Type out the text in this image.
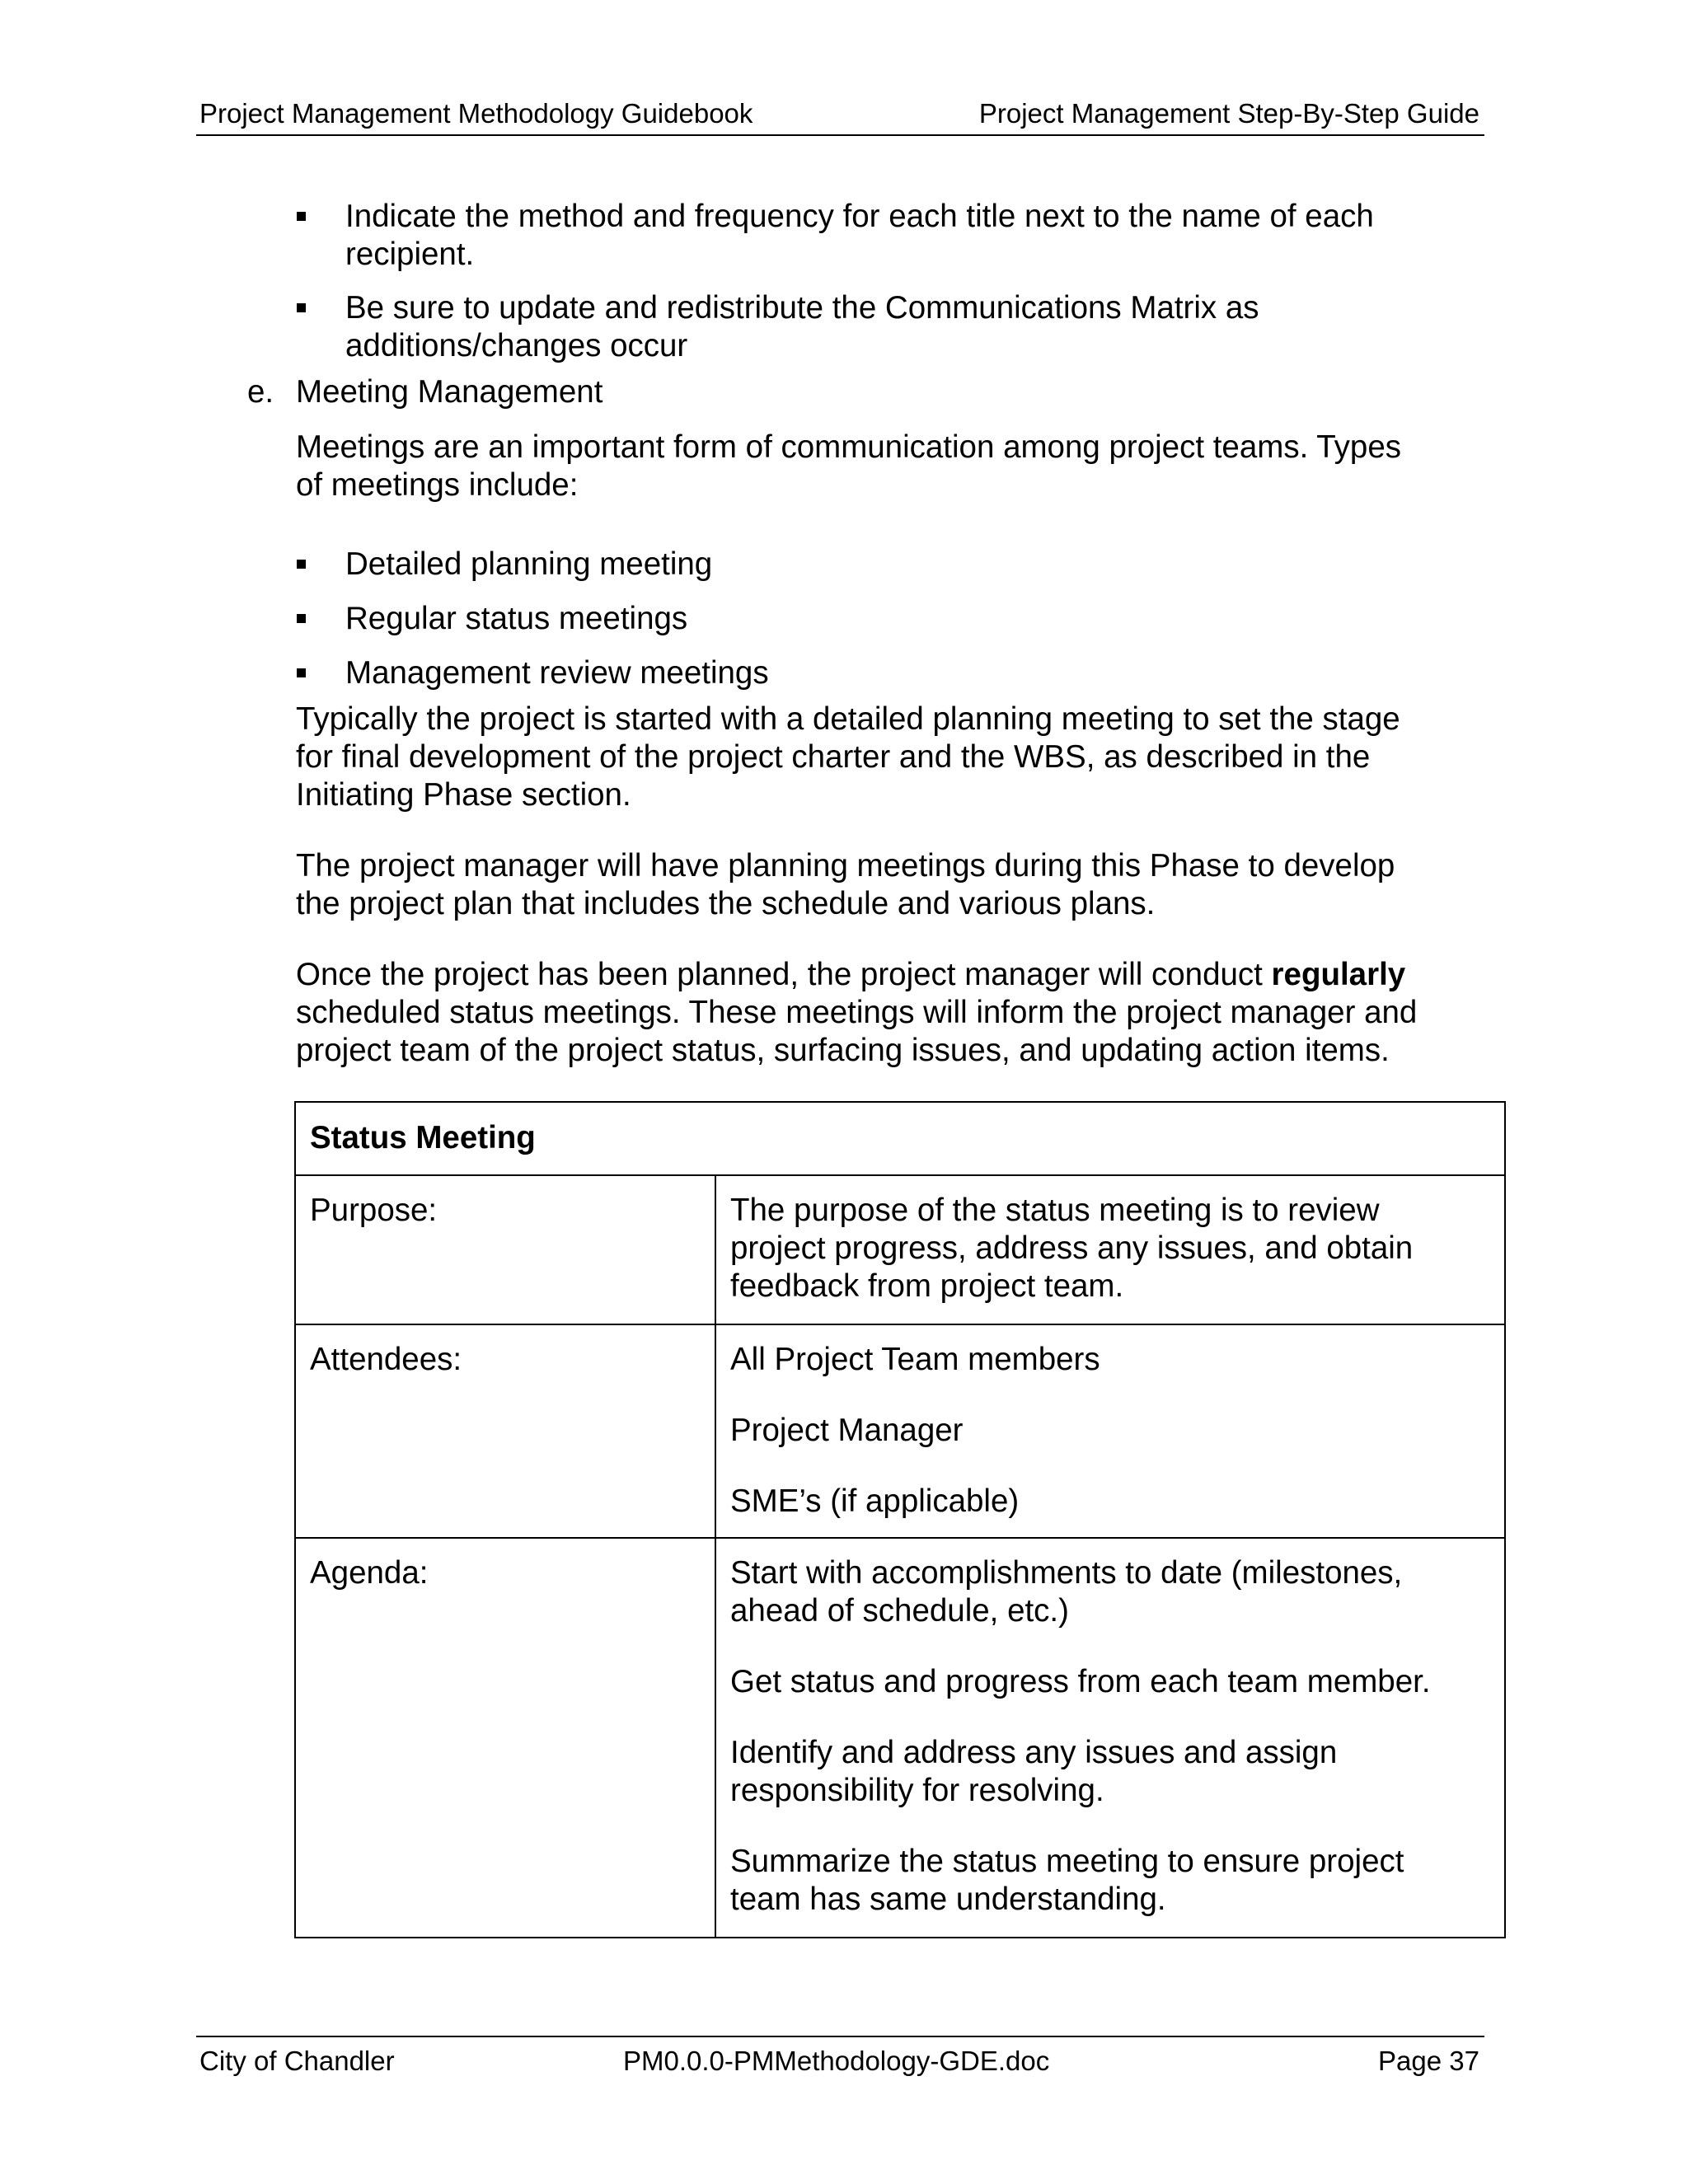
Project Management Methodology Guidebook	Project Management Step-By-Step Guide
Indicate the method and frequency for each title next to the name of each
recipient.
Be sure to update and redistribute the Communications Matrix as
additions/changes occur
e. Meeting Management
Meetings are an important form of communication among project teams. Types
of meetings include:
Detailed planning meeting
Regular status meetings
Management review meetings
Typically the project is started with a detailed planning meeting to set the stage
for final development of the project charter and the WBS, as described in the
Initiating Phase section.
The project manager will have planning meetings during this Phase to develop
the project plan that includes the schedule and various plans.
Once the project has been planned, the project manager will conduct regularly
scheduled status meetings. These meetings will inform the project manager and
project team of the project status, surfacing issues, and updating action items.
Status Meeting
Purpose:	The purpose of the status meeting is to review
project progress, address any issues, and obtain
feedback from project team.
Attendees:	All Project Team members
Project Manager
SME’s (if applicable)
Agenda:	Start with accomplishments to date (milestones,
ahead of schedule, etc.)
Get status and progress from each team member.
Identify and address any issues and assign
responsibility for resolving.
Summarize the status meeting to ensure project
team has same understanding.
City of Chandler	PM0.0.0-PMMethodology-GDE.doc	Page 37
